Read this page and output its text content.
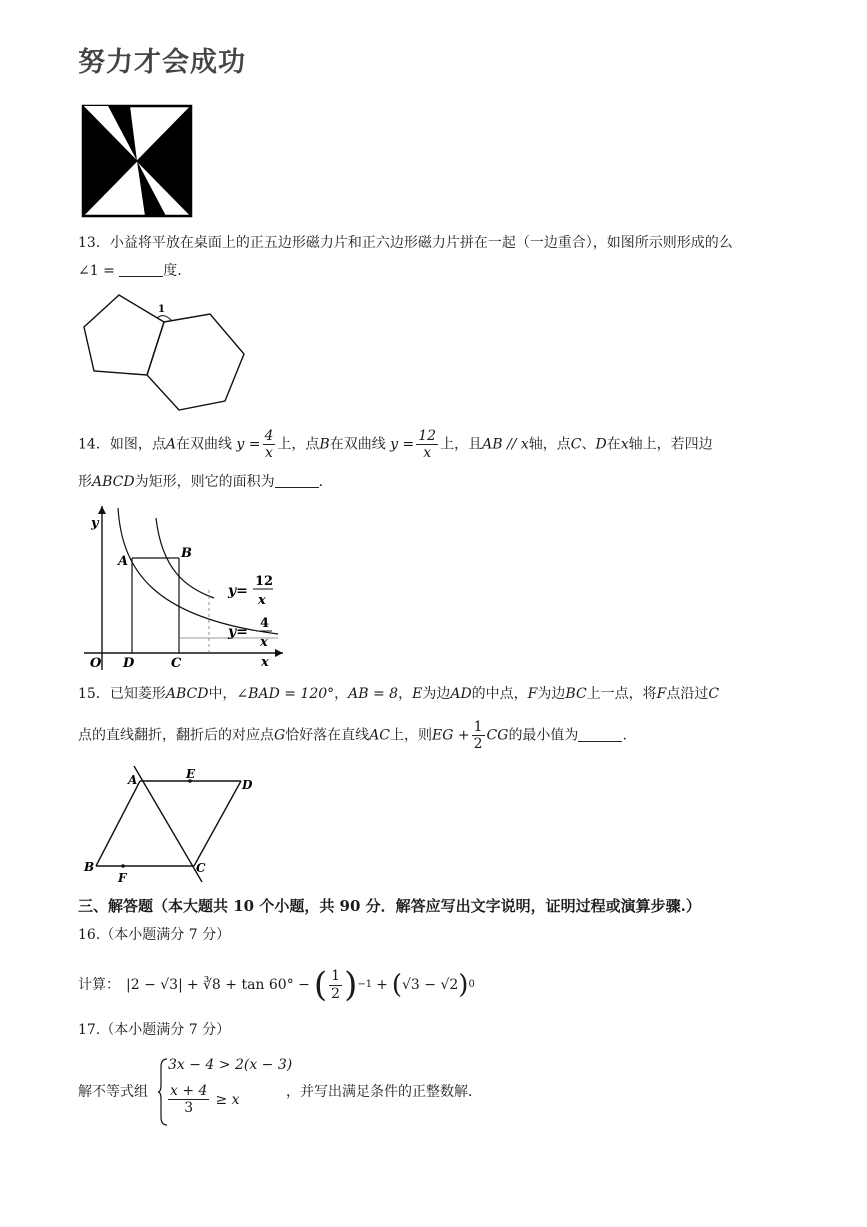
努力才会成功
13．小益将平放在桌面上的正五边形磁力片和正六边形磁力片拼在一起（一边重合），如图所示则形成的么
∠1 =	度.
1
14．如图，点A在双曲线 $y = \frac{4}{x}$ 上，点B在双曲线 $y = \frac{12}{x}$ 上，且AB // x轴，点C、D在x轴上，若四边
形ABCD为矩形，则它的面积为	.
y
x
O
A
B
D	C
y=
12
x
y=
4
x
15．已知菱形ABCD中，∠BAD = 120°，AB = 8，E为边AD的中点，F为边BC上一点，将F点沿过C
点的直线翻折，翻折后的对应点G恰好落在直线AC上，则EG + $\frac{1}{2}$ CG的最小值为	.
A	E
D
B
F
C
三、解答题（本大题共 10 个小题，共 90 分．解答应写出文字说明，证明过程或演算步骤.）
16.（本小题满分 7 分）
计算： |2 − √3| + ∛8 + tan 60° − ( $\frac{1}{2}$ ) −1 + ( √3 − √2 ) 0
17.（本小题满分 7 分）
解不等式组
3x − 4 > 2(x − 3)
$\frac{x + 4}{3} \ge x$	，并写出满足条件的正整数解.
